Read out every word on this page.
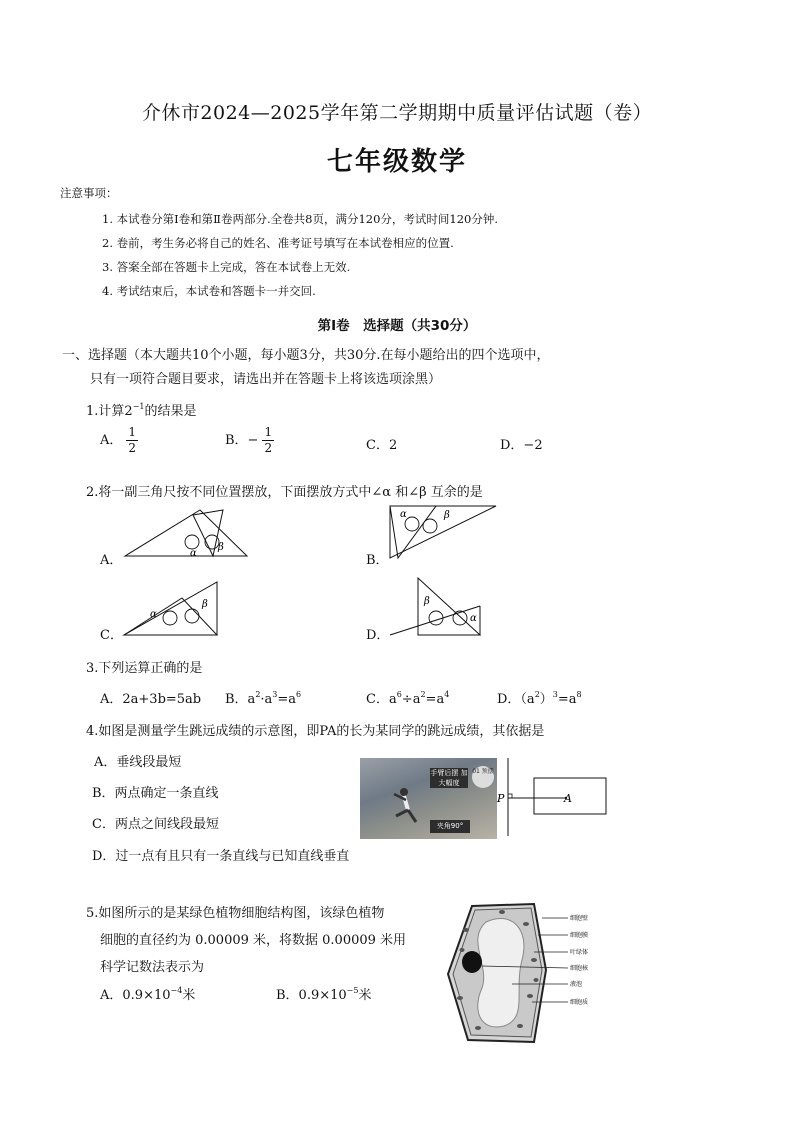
介休市2024—2025学年第二学期期中质量评估试题（卷）
七年级数学
注意事项：
1. 本试卷分第Ⅰ卷和第Ⅱ卷两部分.全卷共8页，满分120分，考试时间120分钟.
2. 卷前，考生务必将自己的姓名、准考证号填写在本试卷相应的位置.
3. 答案全部在答题卡上完成，答在本试卷上无效.
4. 考试结束后，本试卷和答题卡一并交回.
第Ⅰ卷　选择题（共30分）
一、选择题（本大题共10个小题，每小题3分，共30分.在每小题给出的四个选项中，
只有一项符合题目要求，请选出并在答题卡上将该选项涂黑）
1.计算$2^{-1}$的结果是
A． $\frac{1}{2}$	B．− $\frac{1}{2}$	C．2	D．−2
2.将一副三角尺按不同位置摆放，下面摆放方式中∠α 和∠β 互余的是
A．	α
β
B．
α	β
C．
α
β
D．
β
α
3.下列运算正确的是
A．2a+3b=5ab B．$a^2\cdot a^3=a^6$	C．$a^6\div a^2=a^4$	D．$(a^2)^3=a^8$
4.如图是测量学生跳远成绩的示意图，即PA的长为某同学的跳远成绩，其依据是
A．垂线段最短
B．两点确定一条直线
C．两点之间线段最短
D．过一点有且只有一条直线与已知直线垂直
手臂后摆 加大幅度
01 预摆
夹角90°
P	A
5.如图所示的是某绿色植物细胞结构图，该绿色植物
细胞的直径约为 0.00009 米，将数据 0.00009 米用
科学记数法表示为
A．$0.9\times 10^{-4}$米	B．$0.9\times 10^{-5}$米
细胞壁
细胞膜
叶绿体
细胞核
液泡
细胞质
